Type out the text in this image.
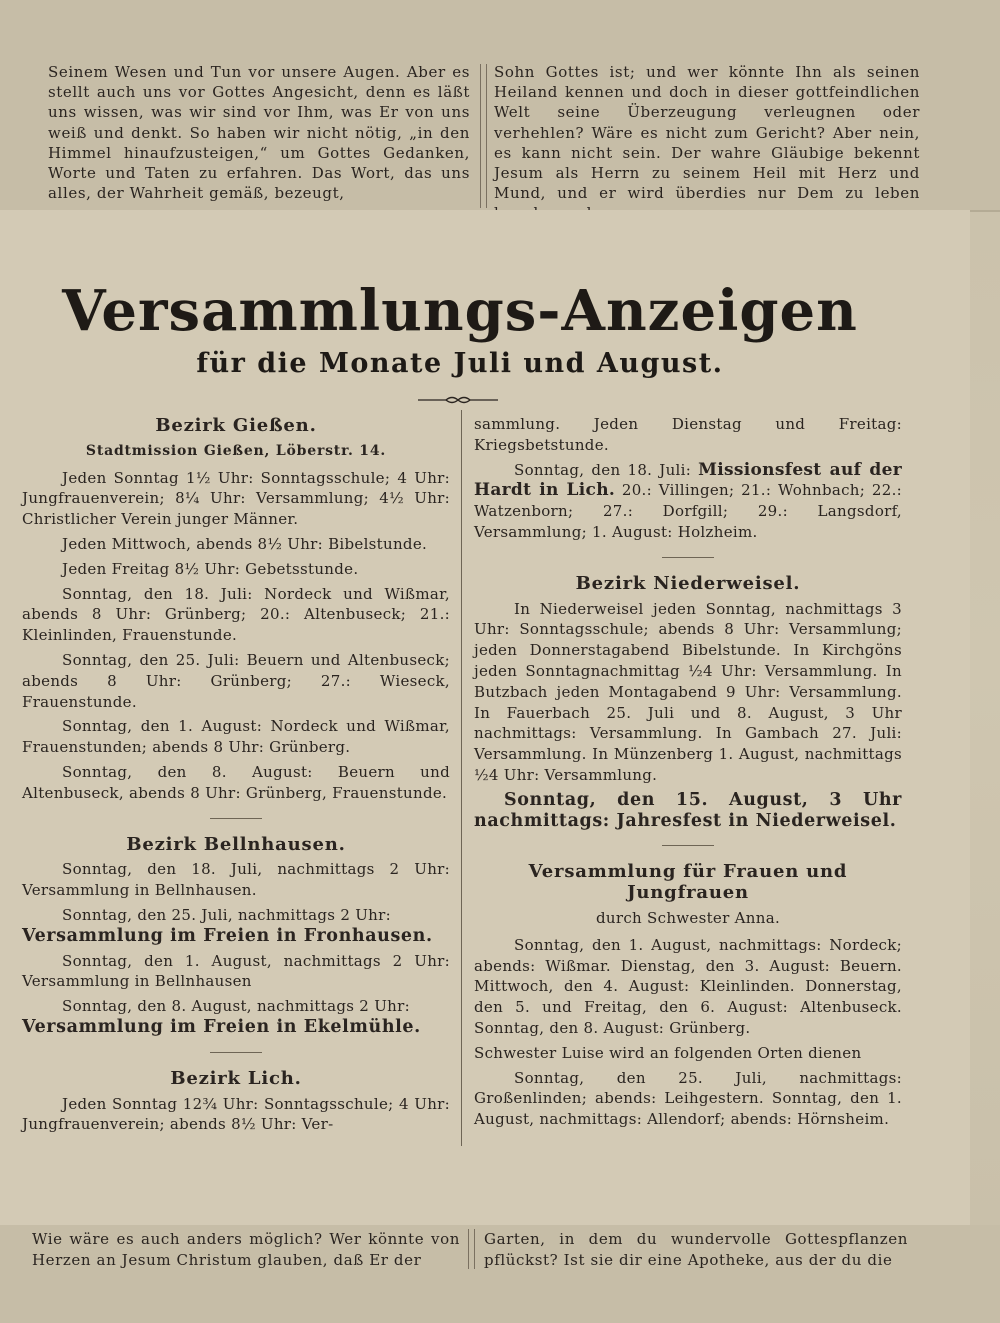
Seinem Wesen und Tun vor unsere Augen. Aber es stellt auch uns vor Gottes Angesicht, denn es läßt uns wissen, was wir sind vor Ihm, was Er von uns weiß und denkt. So haben wir nicht nötig, „in den Himmel hinaufzusteigen,“ um Gottes Gedanken, Worte und Taten zu erfahren. Das Wort, das uns alles, der Wahrheit gemäß, bezeugt,

Sohn Gottes ist; und wer könnte Ihn als seinen Heiland kennen und doch in dieser gottfeindlichen Welt seine Überzeugung verleugnen oder verhehlen? Wäre es nicht zum Gericht? Aber nein, es kann nicht sein. Der wahre Gläubige bekennt Jesum als Herrn zu seinem Heil mit Herz und Mund, und er wird überdies nur Dem zu leben

Versammlungs-Anzeigen
für die Monate Juli und August.
Bezirk Gießen.
Stadtmission Gießen, Löberstr. 14.

Jeden Sonntag 1½ Uhr: Sonntagsschule; 4 Uhr: Jungfrauenverein; 8¼ Uhr: Versammlung; 4½ Uhr: Christlicher Verein junger Männer.

Jeden Mittwoch, abends 8½ Uhr: Bibelstunde.

Jeden Freitag 8½ Uhr: Gebetsstunde.

Sonntag, den 18. Juli: Nordeck und Wißmar, abends 8 Uhr: Grünberg; 20.: Altenbuseck; 21.: Kleinlinden, Frauenstunde.

Sonntag, den 25. Juli: Beuern und Altenbuseck; abends 8 Uhr: Grünberg; 27.: Wieseck, Frauenstunde.

Sonntag, den 1. August: Nordeck und Wißmar, Frauenstunden; abends 8 Uhr: Grünberg.

Sonntag, den 8. August: Beuern und Altenbuseck, abends 8 Uhr: Grünberg, Frauenstunde.

Bezirk Bellnhausen.

Sonntag, den 18. Juli, nachmittags 2 Uhr: Versammlung in Bellnhausen.

Sonntag, den 25. Juli, nachmittags 2 Uhr:

Versammlung im Freien in Fronhausen.

Sonntag, den 1. August, nachmittags 2 Uhr: Versammlung in Bellnhausen

Sonntag, den 8. August, nachmittags 2 Uhr:

Versammlung im Freien in Ekelmühle.

Bezirk Lich.

Jeden Sonntag 12¾ Uhr: Sonntagsschule; 4 Uhr: Jungfrauenverein; abends 8½ Uhr: Ver-

sammlung. Jeden Dienstag und Freitag: Kriegsbetstunde.

Sonntag, den 18. Juli: Missionsfest auf der Hardt in Lich. 20.: Villingen; 21.: Wohnbach; 22.: Watzenborn; 27.: Dorfgill; 29.: Langsdorf, Versammlung; 1. August: Holzheim.

Bezirk Niederweisel.

In Niederweisel jeden Sonntag, nachmittags 3 Uhr: Sonntagsschule; abends 8 Uhr: Versammlung; jeden Donnerstagabend Bibelstunde. In Kirchgöns jeden Sonntagnachmittag ½4 Uhr: Versammlung. In Butzbach jeden Montagabend 9 Uhr: Versammlung. In Fauerbach 25. Juli und 8. August, 3 Uhr nachmittags: Versammlung. In Gambach 27. Juli: Versammlung. In Münzenberg 1. August, nachmittags ½4 Uhr: Versammlung.

Sonntag, den 15. August, 3 Uhr nachmittags: Jahresfest in Niederweisel.

Versammlung für Frauen und Jungfrauen
durch Schwester Anna.

Sonntag, den 1. August, nachmittags: Nordeck; abends: Wißmar. Dienstag, den 3. August: Beuern. Mittwoch, den 4. August: Kleinlinden. Donnerstag, den 5. und Freitag, den 6. August: Altenbuseck. Sonntag, den 8. August: Grünberg.

Schwester Luise wird an folgenden Orten dienen

Sonntag, den 25. Juli, nachmittags: Großenlinden; abends: Leihgestern. Sonntag, den 1. August, nachmittags: Allendorf; abends: Hörnsheim.

Wie wäre es auch anders möglich? Wer könnte von Herzen an Jesum Christum glauben, daß Er der

Garten, in dem du wundervolle Gottespflanzen pflückst? Ist sie dir eine Apotheke, aus der du die
